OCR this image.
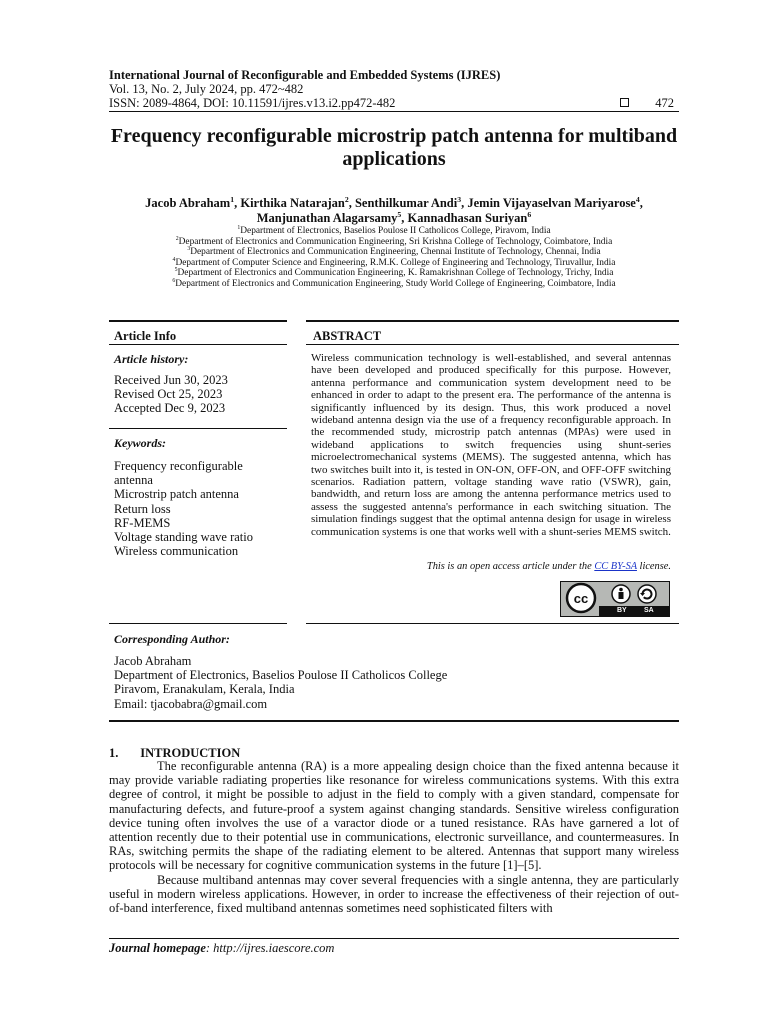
International Journal of Reconfigurable and Embedded Systems (IJRES)
Vol. 13, No. 2, July 2024, pp. 472~482
ISSN: 2089-4864, DOI: 10.11591/ijres.v13.i2.pp472-482	472
Frequency reconfigurable microstrip patch antenna for multiband applications
Jacob Abraham$^1$, Kirthika Natarajan$^2$, Senthilkumar Andi$^3$, Jemin Vijayaselvan Mariyarose$^4$,
Manjunathan Alagarsamy$^5$, Kannadhasan Suriyan$^6$
$^1$Department of Electronics, Baselios Poulose II Catholicos College, Piravom, India
$^2$Department of Electronics and Communication Engineering, Sri Krishna College of Technology, Coimbatore, India
$^3$Department of Electronics and Communication Engineering, Chennai Institute of Technology, Chennai, India
$^4$Department of Computer Science and Engineering, R.M.K. College of Engineering and Technology, Tiruvallur, India
$^5$Department of Electronics and Communication Engineering, K. Ramakrishnan College of Technology, Trichy, India
$^6$Department of Electronics and Communication Engineering, Study World College of Engineering, Coimbatore, India
Article Info
Article history:
Received Jun 30, 2023
Revised Oct 25, 2023
Accepted Dec 9, 2023
Keywords:
Frequency reconfigurable
antenna
Microstrip patch antenna
Return loss
RF-MEMS
Voltage standing wave ratio
Wireless communication
ABSTRACT
Wireless communication technology is well-established, and several antennas have been developed and produced specifically for this purpose. However, antenna performance and communication system development need to be enhanced in order to adapt to the present era. The performance of the antenna is significantly influenced by its design. Thus, this work produced a novel wideband antenna design via the use of a frequency reconfigurable approach. In the recommended study, microstrip patch antennas (MPAs) were used in wideband applications to switch frequencies using shunt-series microelectromechanical systems (MEMS). The suggested antenna, which has two switches built into it, is tested in ON-ON, OFF-ON, and OFF-OFF switching scenarios. Radiation pattern, voltage standing wave ratio (VSWR), gain, bandwidth, and return loss are among the antenna performance metrics used to assess the suggested antenna's performance in each switching situation. The simulation findings suggest that the optimal antenna design for usage in wireless communication systems is one that works well with a shunt-series MEMS switch.
This is an open access article under the CC BY-SA license.
cc
BY SA
Corresponding Author:
Jacob Abraham
Department of Electronics, Baselios Poulose II Catholicos College
Piravom, Eranakulam, Kerala, India
Email: tjacobabra@gmail.com
1.       INTRODUCTION

The reconfigurable antenna (RA) is a more appealing design choice than the fixed antenna because it may provide variable radiating properties like resonance for wireless communications systems. With this extra degree of control, it might be possible to adjust in the field to comply with a given standard, compensate for manufacturing defects, and future-proof a system against changing standards. Sensitive wireless configuration device tuning often involves the use of a varactor diode or a tuned resistance. RAs have garnered a lot of attention recently due to their potential use in communications, electronic surveillance, and countermeasures. In RAs, switching permits the shape of the radiating element to be altered. Antennas that support many wireless protocols will be necessary for cognitive communication systems in the future [1]–[5].

Because multiband antennas may cover several frequencies with a single antenna, they are particularly useful in modern wireless applications. However, in order to increase the effectiveness of their rejection of out-of-band interference, fixed multiband antennas sometimes need sophisticated filters with

Journal homepage: http://ijres.iaescore.com
